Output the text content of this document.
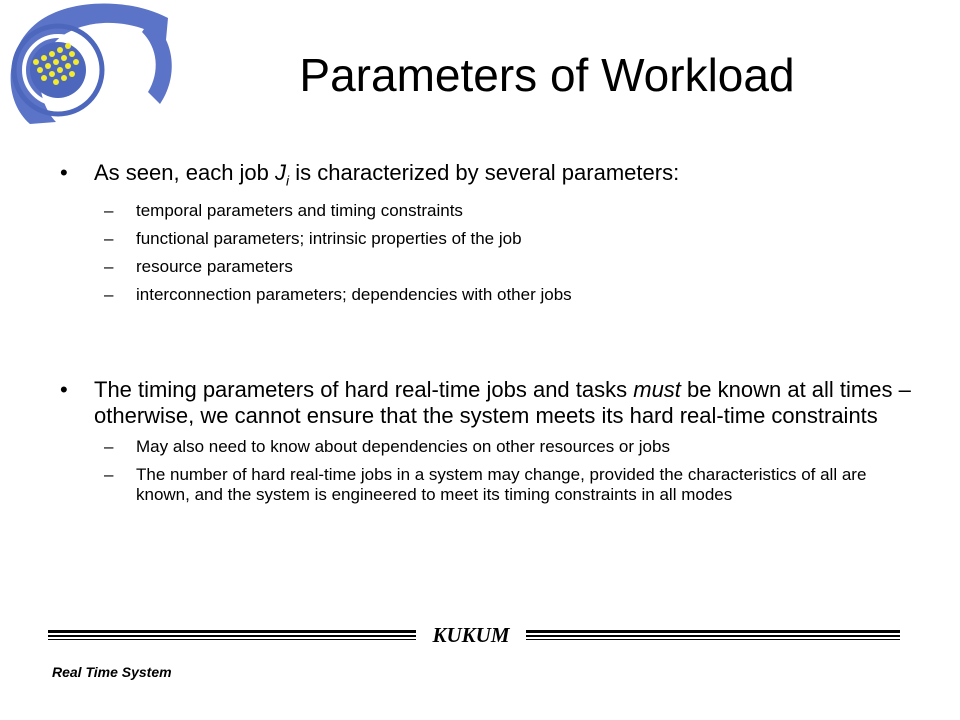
Parameters of Workload
• As seen, each job $J_i$ is characterized by several parameters:
– temporal parameters and timing constraints
– functional parameters; intrinsic properties of the job
– resource parameters
– interconnection parameters; dependencies with other jobs
• The timing parameters of hard real-time jobs and tasks must be known at all times – otherwise, we cannot ensure that the system meets its hard real-time constraints
– May also need to know about dependencies on other resources or jobs
– The number of hard real-time jobs in a system may change, provided the characteristics of all are known, and the system is engineered to meet its timing constraints in all modes
KUKUM
Real Time System
